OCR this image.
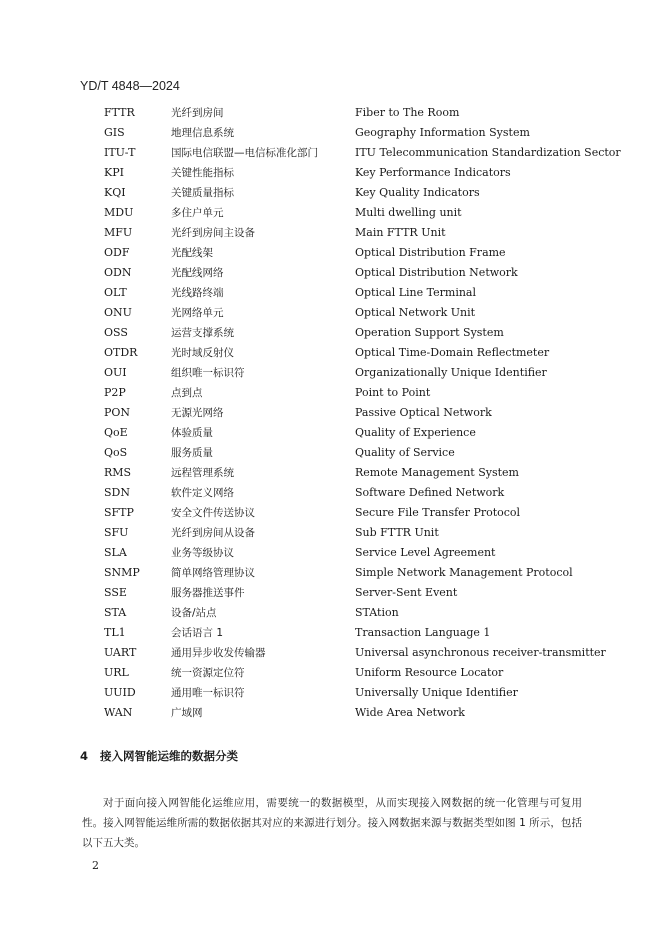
YD/T 4848—2024
FTTR	光纤到房间	Fiber to The Room
GIS	地理信息系统	Geography Information System
ITU-T	国际电信联盟—电信标准化部门	ITU Telecommunication Standardization Sector
KPI	关键性能指标	Key Performance Indicators
KQI	关键质量指标	Key Quality Indicators
MDU	多住户单元	Multi dwelling unit
MFU	光纤到房间主设备	Main FTTR Unit
ODF	光配线架	Optical Distribution Frame
ODN	光配线网络	Optical Distribution Network
OLT	光线路终端	Optical Line Terminal
ONU	光网络单元	Optical Network Unit
OSS	运营支撑系统	Operation Support System
OTDR	光时域反射仪	Optical Time-Domain Reflectmeter
OUI	组织唯一标识符	Organizationally Unique Identifier
P2P	点到点	Point to Point
PON	无源光网络	Passive Optical Network
QoE	体验质量	Quality of Experience
QoS	服务质量	Quality of Service
RMS	远程管理系统	Remote Management System
SDN	软件定义网络	Software Defined Network
SFTP	安全文件传送协议	Secure File Transfer Protocol
SFU	光纤到房间从设备	Sub FTTR Unit
SLA	业务等级协议	Service Level Agreement
SNMP	简单网络管理协议	Simple Network Management Protocol
SSE	服务器推送事件	Server-Sent Event
STA	设备/站点	STAtion
TL1	会话语言 1	Transaction Language 1
UART	通用异步收发传输器	Universal asynchronous receiver-transmitter
URL	统一资源定位符	Uniform Resource Locator
UUID	通用唯一标识符	Universally Unique Identifier
WAN	广域网	Wide Area Network
4 接入网智能运维的数据分类
对于面向接入网智能化运维应用，需要统一的数据模型，从而实现接入网数据的统一化管理与可复用性。接入网智能运维所需的数据依据其对应的来源进行划分。接入网数据来源与数据类型如图 1 所示，包括以下五大类。
2
